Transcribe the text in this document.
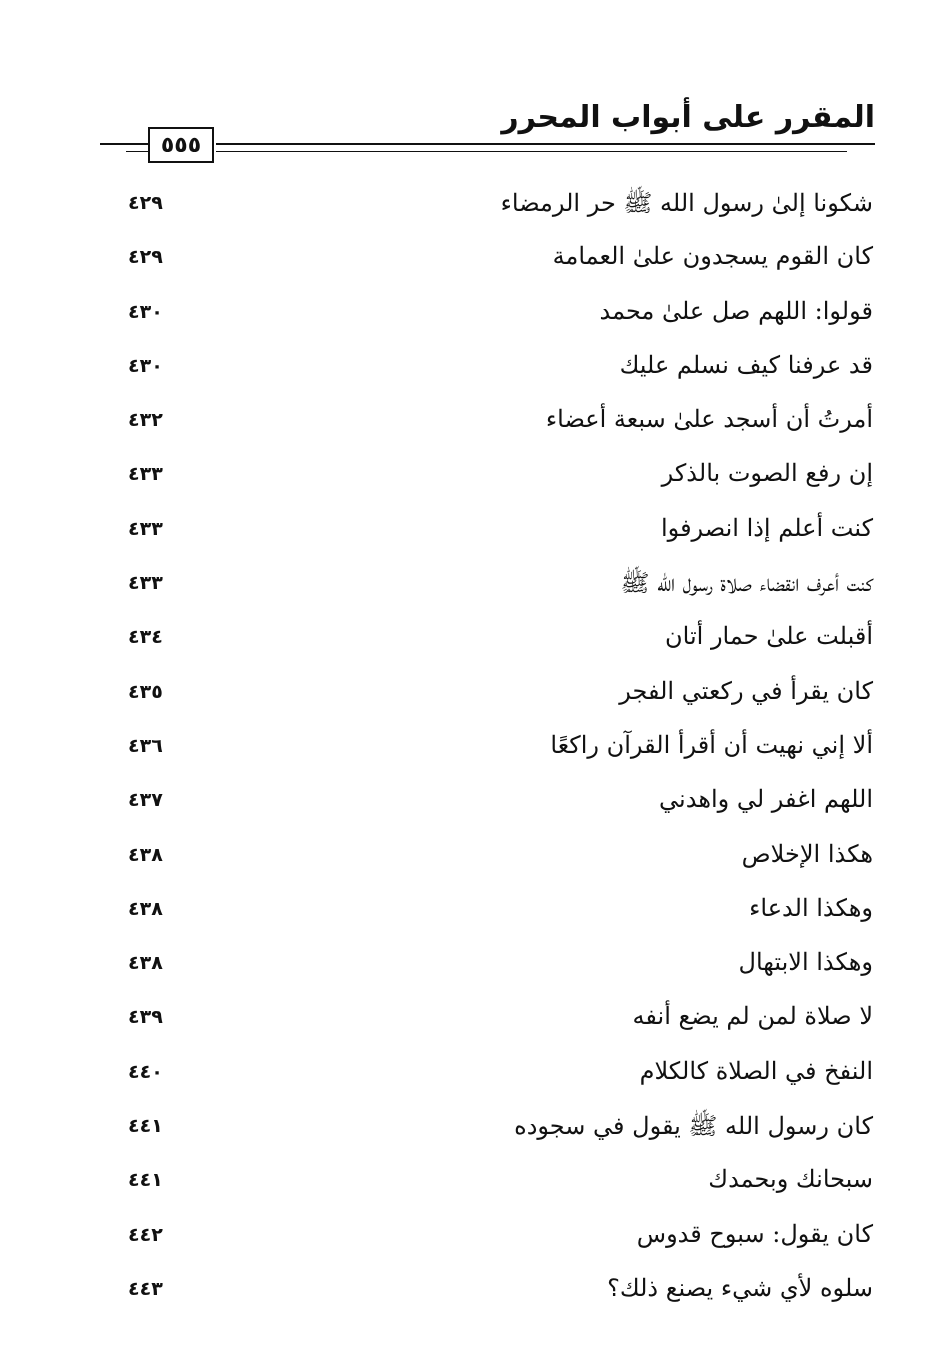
المقرر على أبواب المحرر
٥٥٥
شكونا إلىٰ رسول الله ﷺ حر الرمضاء
٤٢٩
كان القوم يسجدون علىٰ العمامة
٤٢٩
قولوا: اللهم صل علىٰ محمد
٤٣٠
قد عرفنا كيف نسلم عليك
٤٣٠
أمرتُ أن أسجد علىٰ سبعة أعضاء
٤٣٢
إن رفع الصوت بالذكر
٤٣٣
كنت أعلم إذا انصرفوا
٤٣٣
كنت أعرف انقضاء صلاة رسول الله ﷺ
٤٣٣
أقبلت علىٰ حمار أتان
٤٣٤
كان يقرأ في ركعتي الفجر
٤٣٥
ألا إني نهيت أن أقرأ القرآن راكعًا
٤٣٦
اللهم اغفر لي واهدني
٤٣٧
هكذا الإخلاص
٤٣٨
وهكذا الدعاء
٤٣٨
وهكذا الابتهال
٤٣٨
لا صلاة لمن لم يضع أنفه
٤٣٩
النفخ في الصلاة كالكلام
٤٤٠
كان رسول الله ﷺ يقول في سجوده
٤٤١
سبحانك وبحمدك
٤٤١
كان يقول: سبوح قدوس
٤٤٢
سلوه لأي شيء يصنع ذلك؟
٤٤٣
